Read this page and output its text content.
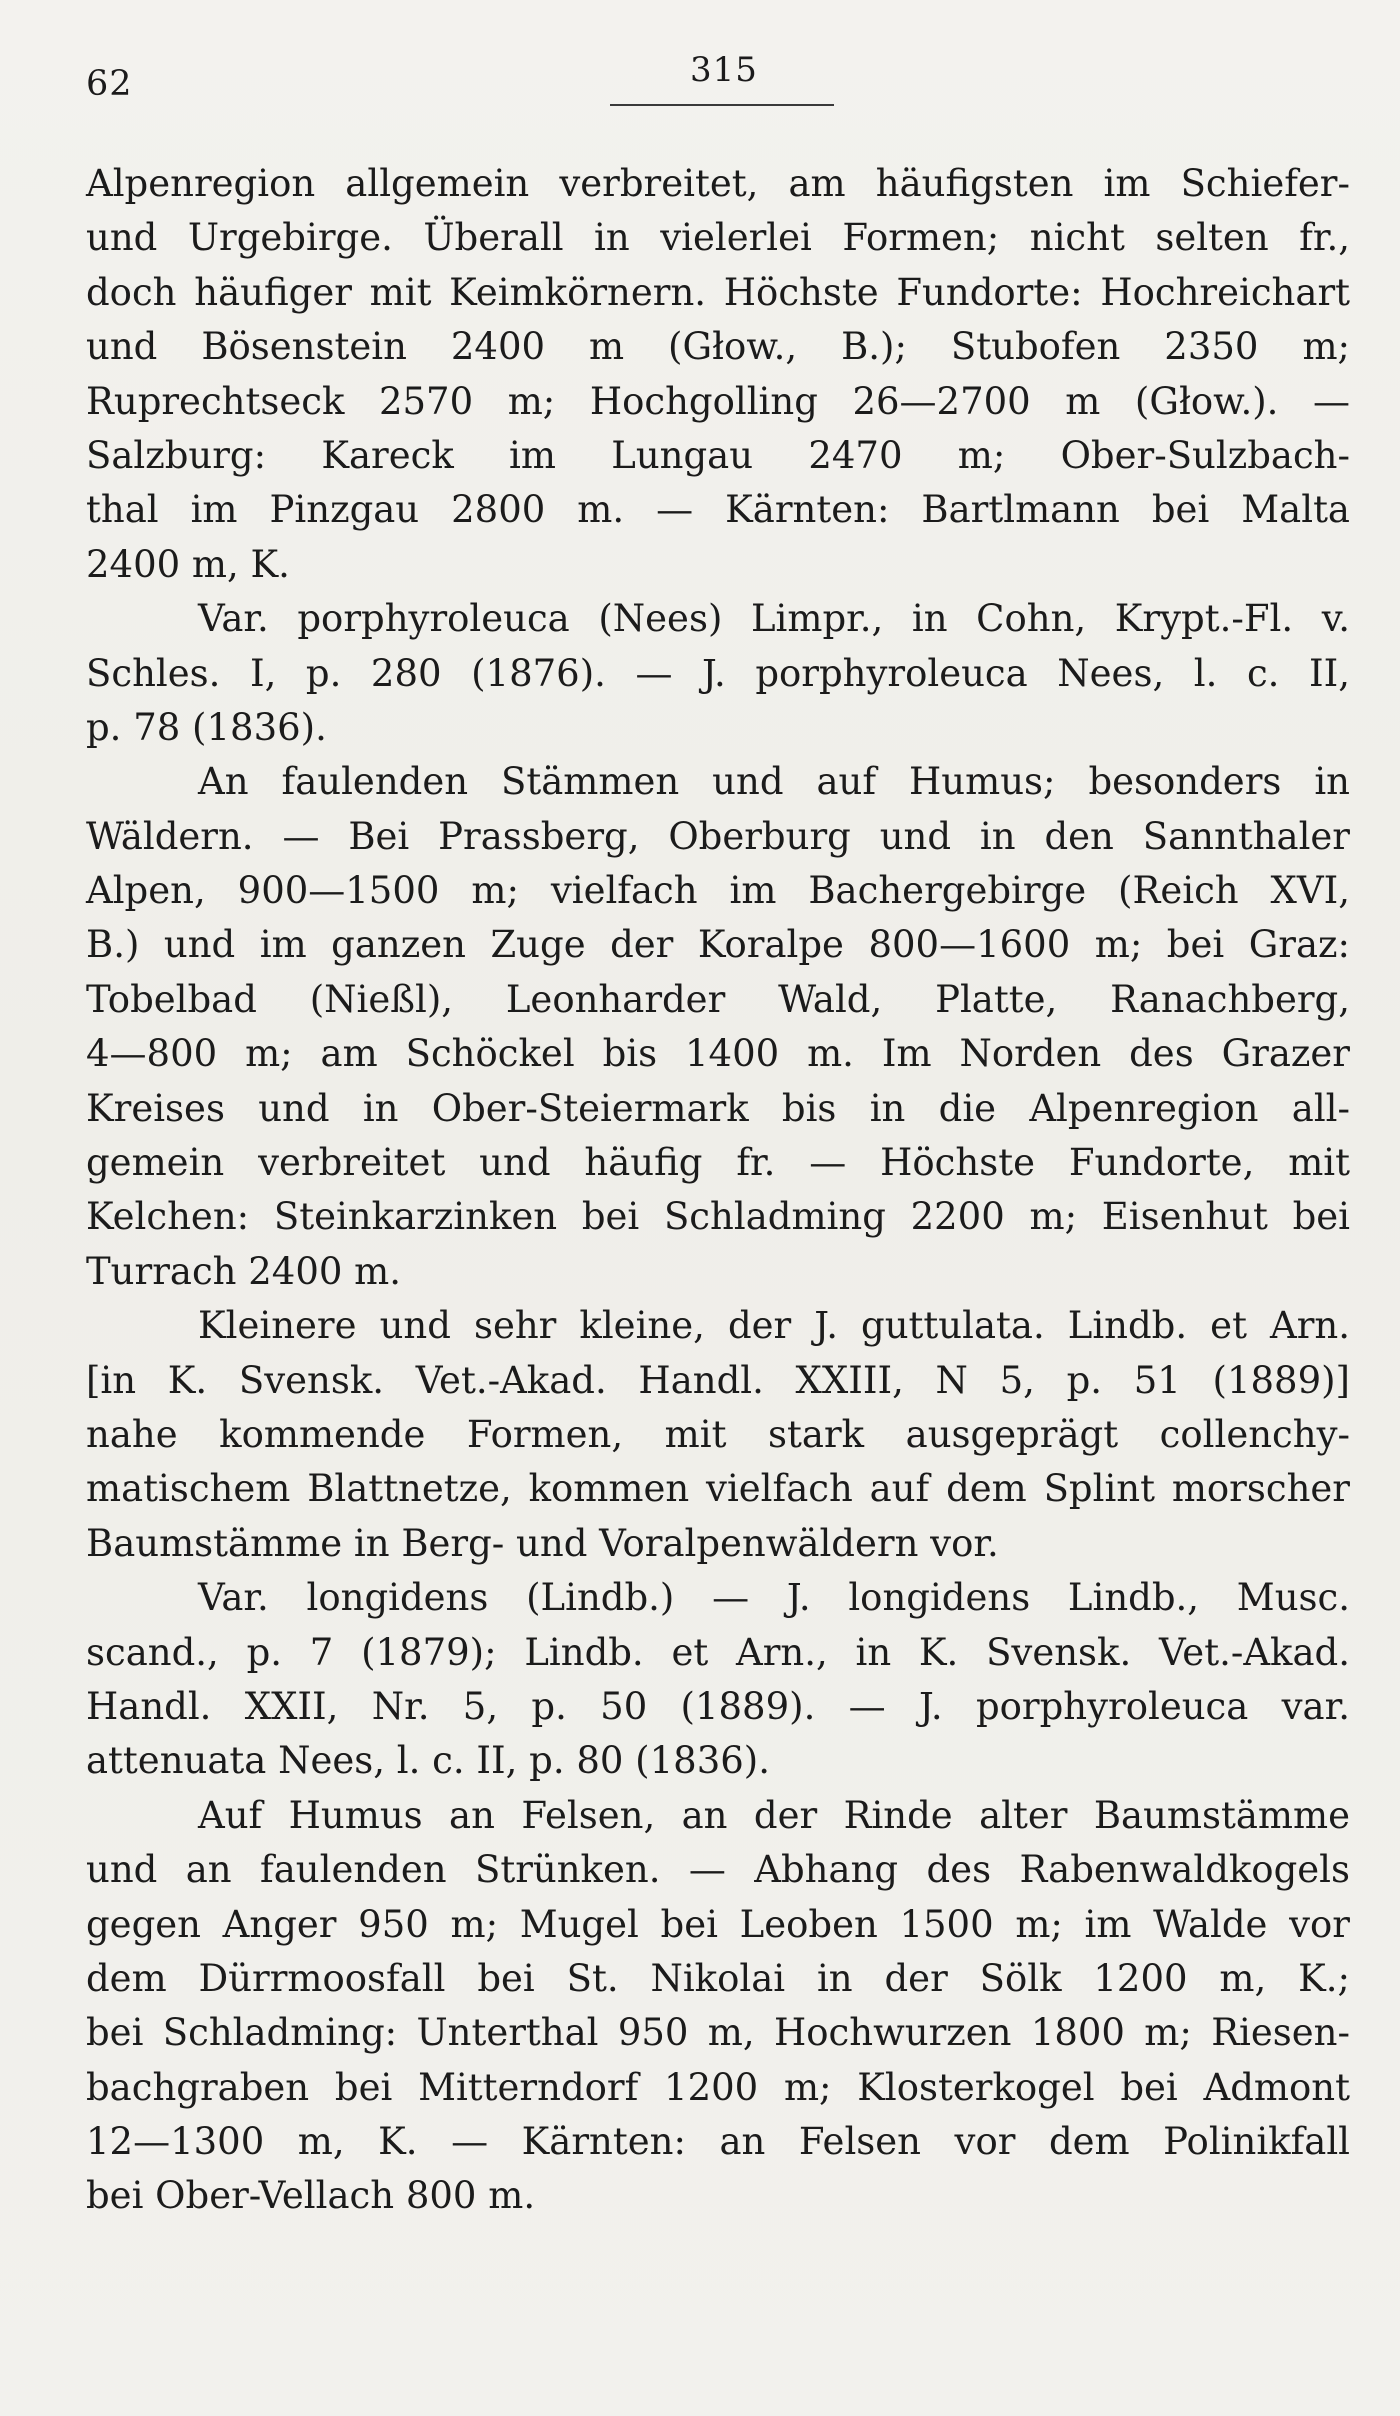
62	315
Alpenregion allgemein verbreitet, am häufigsten im Schiefer-
und Urgebirge. Überall in vielerlei Formen; nicht selten fr.,
doch häufiger mit Keimkörnern. Höchste Fundorte: Hochreichart
und Bösenstein 2400 m (Głow., B.); Stubofen 2350 m;
Ruprechtseck 2570 m; Hochgolling 26—2700 m (Głow.). —
Salzburg: Kareck im Lungau 2470 m; Ober-Sulzbach-
thal im Pinzgau 2800 m. — Kärnten: Bartlmann bei Malta
2400 m, K.
Var. porphyroleuca (Nees) Limpr., in Cohn, Krypt.-Fl. v.
Schles. I, p. 280 (1876). — J. porphyroleuca Nees, l. c. II,
p. 78 (1836).
An faulenden Stämmen und auf Humus; besonders in
Wäldern. — Bei Prassberg, Oberburg und in den Sannthaler
Alpen, 900—1500 m; vielfach im Bachergebirge (Reich XVI,
B.) und im ganzen Zuge der Koralpe 800—1600 m; bei Graz:
Tobelbad (Nießl), Leonharder Wald, Platte, Ranachberg,
4—800 m; am Schöckel bis 1400 m. Im Norden des Grazer
Kreises und in Ober-Steiermark bis in die Alpenregion all-
gemein verbreitet und häufig fr. — Höchste Fundorte, mit
Kelchen: Steinkarzinken bei Schladming 2200 m; Eisenhut bei
Turrach 2400 m.
Kleinere und sehr kleine, der J. guttulata. Lindb. et Arn.
[in K. Svensk. Vet.-Akad. Handl. XXIII, N 5, p. 51 (1889)]
nahe kommende Formen, mit stark ausgeprägt collenchy-
matischem Blattnetze, kommen vielfach auf dem Splint morscher
Baumstämme in Berg- und Voralpenwäldern vor.
Var. longidens (Lindb.) — J. longidens Lindb., Musc.
scand., p. 7 (1879); Lindb. et Arn., in K. Svensk. Vet.-Akad.
Handl. XXII, Nr. 5, p. 50 (1889). — J. porphyroleuca var.
attenuata Nees, l. c. II, p. 80 (1836).
Auf Humus an Felsen, an der Rinde alter Baumstämme
und an faulenden Strünken. — Abhang des Rabenwaldkogels
gegen Anger 950 m; Mugel bei Leoben 1500 m; im Walde vor
dem Dürrmoosfall bei St. Nikolai in der Sölk 1200 m, K.;
bei Schladming: Unterthal 950 m, Hochwurzen 1800 m; Riesen-
bachgraben bei Mitterndorf 1200 m; Klosterkogel bei Admont
12—1300 m, K. — Kärnten: an Felsen vor dem Polinikfall
bei Ober-Vellach 800 m.
